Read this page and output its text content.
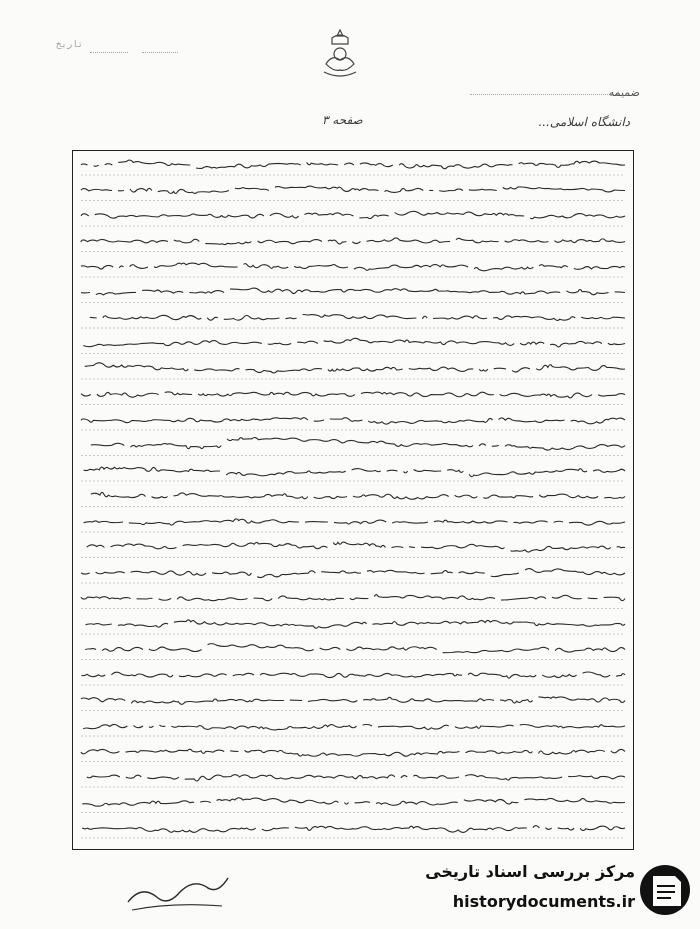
تاریخ
ضمیمه
صفحه ۳	دانشگاه اسلامی...
مرکز بررسی اسناد تاریخی
historydocuments.ir
